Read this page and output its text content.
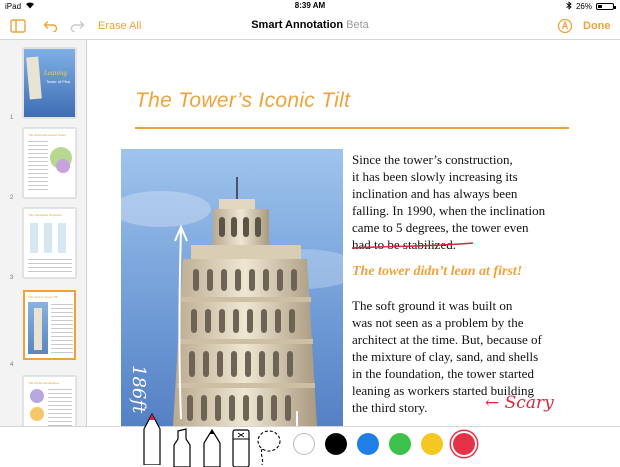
iPad	8:39 AM	26%
Erase All	Smart Annotation Beta	Done
Leaning
Tower of Pisa
1
The World-Renowned Tower
2
The Impossible Structure
3
The Tower's Iconic Tilt
4
The Perfect Experience
The Tower’s Iconic Tilt
186ft
Since the tower’s construction,
it has been slowly increasing its
inclination and has always been
falling. In 1990, when the inclination
came to 5 degrees, the tower even
had to be stabilized.
The tower didn’t lean at first!
The soft ground it was built on
was not seen as a problem by the
architect at the time. But, because of
the mixture of clay, sand, and shells
in the foundation, the tower started
leaning as workers started building
the third story.	← Scary
